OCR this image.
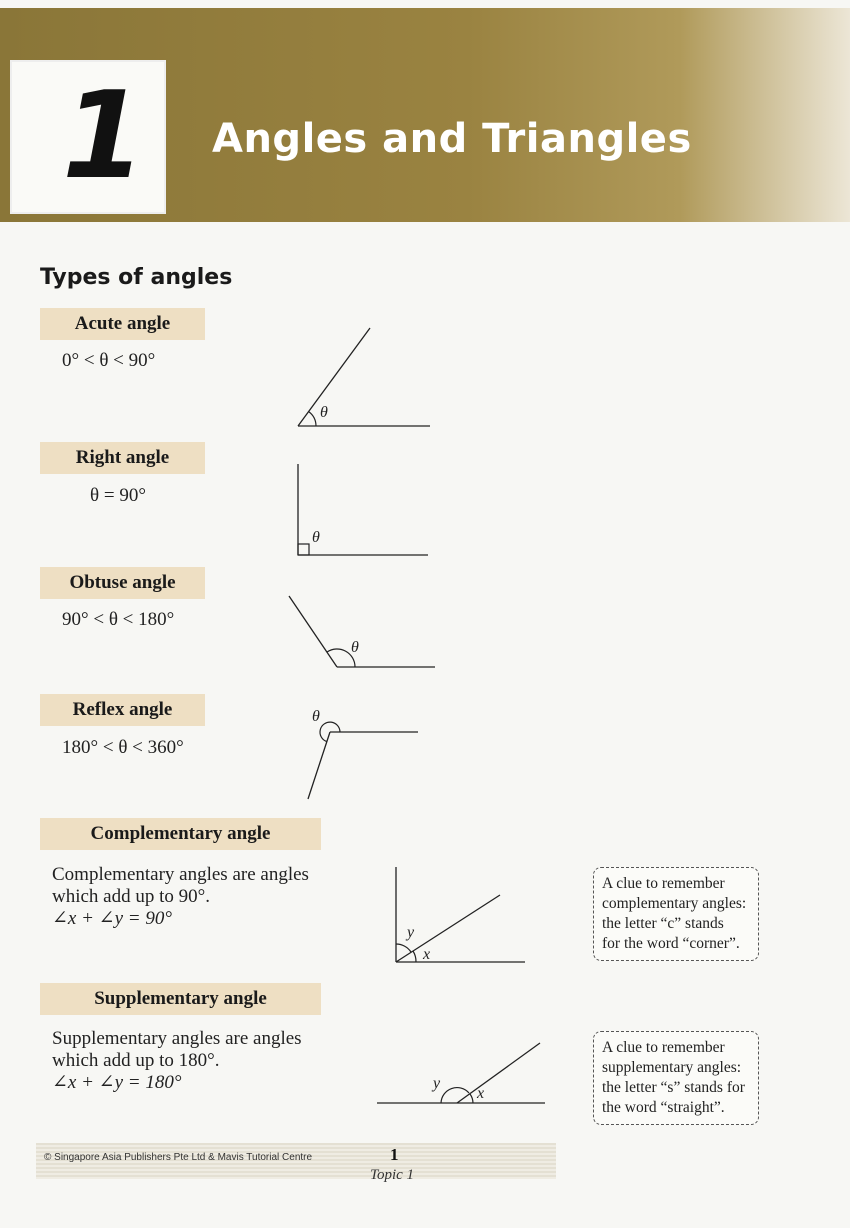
1 Angles and Triangles
Types of angles
Acute angle
0° < θ < 90°
θ
Right angle
θ = 90°
θ
Obtuse angle
90° < θ < 180°
θ
Reflex angle
180° < θ < 360°
θ
Complementary angle
Complementary angles are angles
which add up to 90°.
∠x + ∠y = 90°
y
x
A clue to remember
complementary angles:
the letter “c” stands
for the word “corner”.
Supplementary angle
Supplementary angles are angles
which add up to 180°.
∠x + ∠y = 180°	y
x
A clue to remember
supplementary angles:
the letter “s” stands for
the word “straight”.
© Singapore Asia Publishers Pte Ltd & Mavis Tutorial Centre	1
Topic 1
